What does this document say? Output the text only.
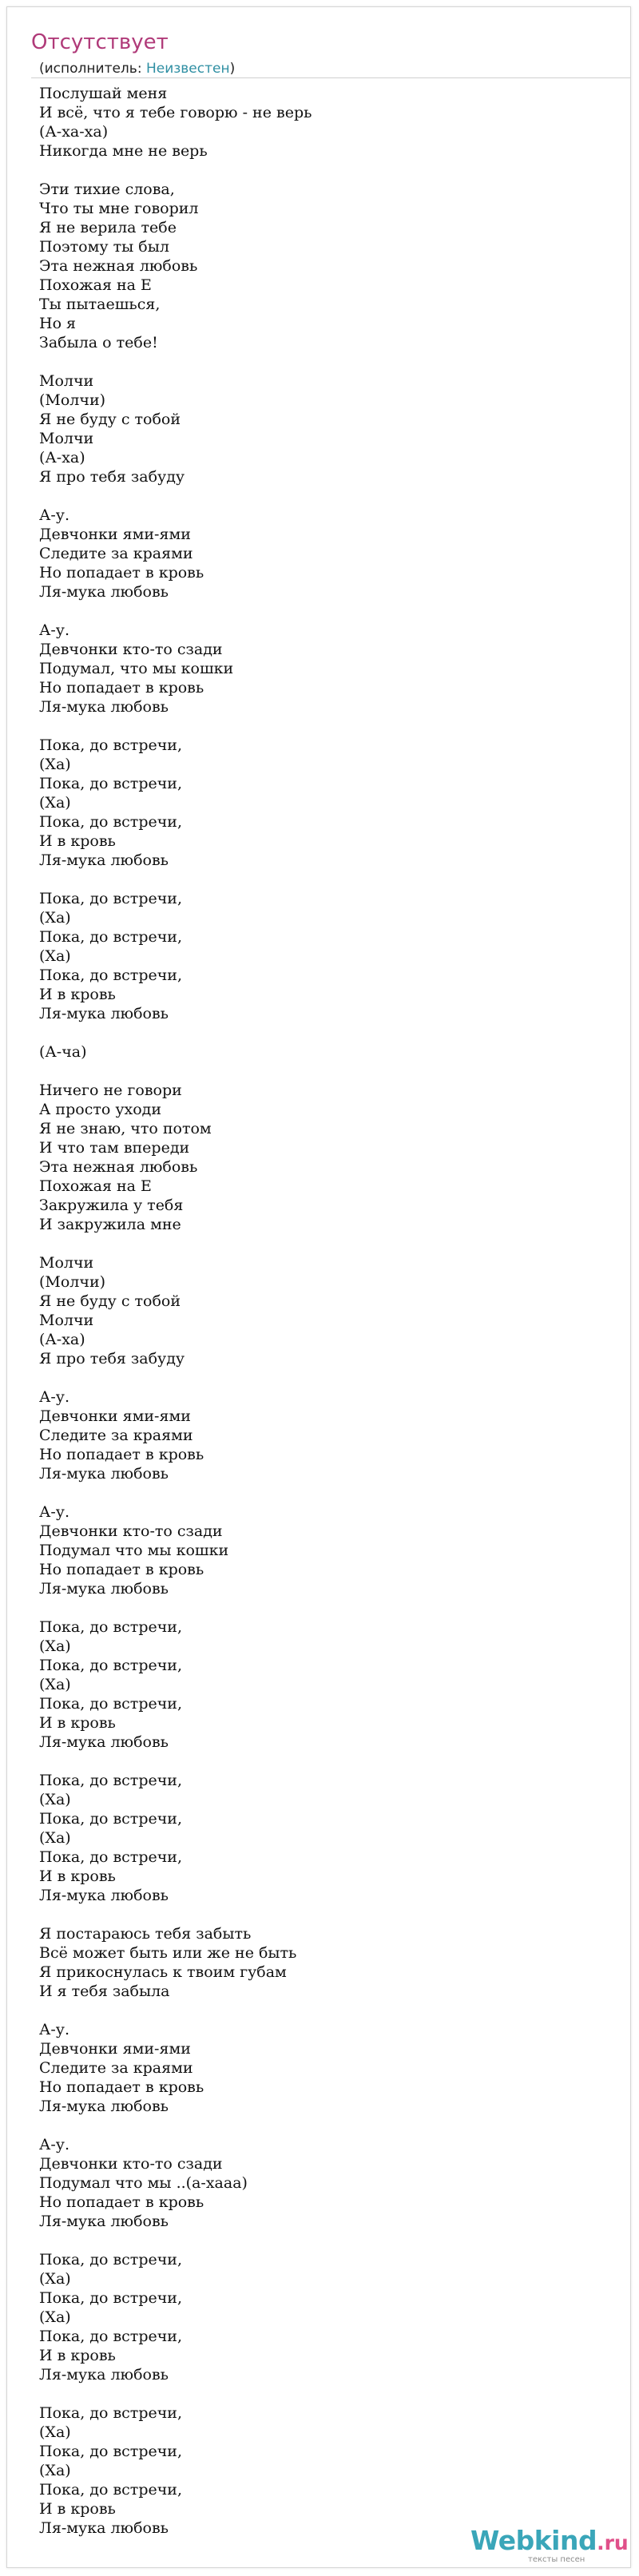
Отсутствует
(исполнитель: Неизвестен)
Послушай меня
И всё, что я тебе говорю - не верь
(А-ха-ха)
Никогда мне не верь
Эти тихие слова,
Что ты мне говорил
Я не верила тебе
Поэтому ты был
Эта нежная любовь
Похожая на Е
Ты пытаешься,
Но я
Забыла о тебе!
Молчи
(Молчи)
Я не буду с тобой
Молчи
(А-ха)
Я про тебя забуду
А-у.
Девчонки ями-ями
Следите за краями
Но попадает в кровь
Ля-мука любовь
А-у.
Девчонки кто-то сзади
Подумал, что мы кошки
Но попадает в кровь
Ля-мука любовь
Пока, до встречи,
(Ха)
Пока, до встречи,
(Ха)
Пока, до встречи,
И в кровь
Ля-мука любовь
Пока, до встречи,
(Ха)
Пока, до встречи,
(Ха)
Пока, до встречи,
И в кровь
Ля-мука любовь
(А-ча)
Ничего не говори
А просто уходи
Я не знаю, что потом
И что там впереди
Эта нежная любовь
Похожая на Е
Закружила у тебя
И закружила мне
Молчи
(Молчи)
Я не буду с тобой
Молчи
(А-ха)
Я про тебя забуду
А-у.
Девчонки ями-ями
Следите за краями
Но попадает в кровь
Ля-мука любовь
А-у.
Девчонки кто-то сзади
Подумал что мы кошки
Но попадает в кровь
Ля-мука любовь
Пока, до встречи,
(Ха)
Пока, до встречи,
(Ха)
Пока, до встречи,
И в кровь
Ля-мука любовь
Пока, до встречи,
(Ха)
Пока, до встречи,
(Ха)
Пока, до встречи,
И в кровь
Ля-мука любовь
Я постараюсь тебя забыть
Всё может быть или же не быть
Я прикоснулась к твоим губам
И я тебя забыла
А-у.
Девчонки ями-ями
Следите за краями
Но попадает в кровь
Ля-мука любовь
А-у.
Девчонки кто-то сзади
Подумал что мы ..(а-хааа)
Но попадает в кровь
Ля-мука любовь
Пока, до встречи,
(Ха)
Пока, до встречи,
(Ха)
Пока, до встречи,
И в кровь
Ля-мука любовь
Пока, до встречи,
(Ха)
Пока, до встречи,
(Ха)
Пока, до встречи,
И в кровь
Ля-мука любовь	Webkind.ru
тексты песен
